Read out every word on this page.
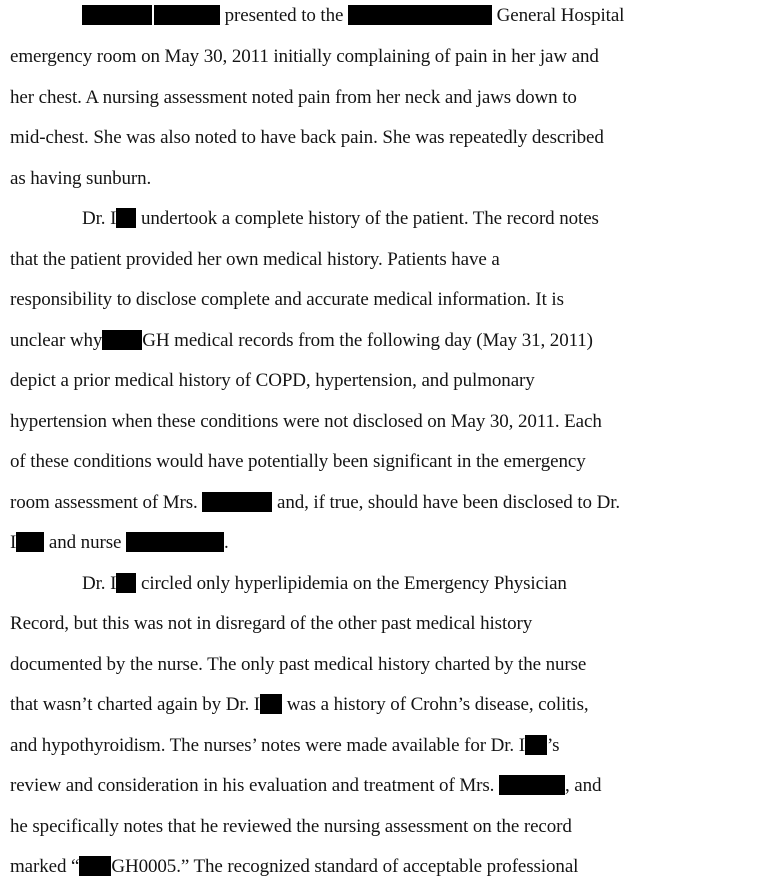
presented to the	General Hospital
emergency room on May 30, 2011 initially complaining of pain in her jaw and
her chest. A nursing assessment noted pain from her neck and jaws down to
mid-chest. She was also noted to have back pain. She was repeatedly described
as having sunburn.
Dr. I undertook a complete history of the patient. The record notes
that the patient provided her own medical history. Patients have a
responsibility to disclose complete and accurate medical information. It is
unclear why GH medical records from the following day (May 31, 2011)
depict a prior medical history of COPD, hypertension, and pulmonary
hypertension when these conditions were not disclosed on May 30, 2011. Each
of these conditions would have potentially been significant in the emergency
room assessment of Mrs.	and, if true, should have been disclosed to Dr.
I and nurse	.
Dr. I circled only hyperlipidemia on the Emergency Physician
Record, but this was not in disregard of the other past medical history
documented by the nurse. The only past medical history charted by the nurse
that wasn’t charted again by Dr. I was a history of Crohn’s disease, colitis,
and hypothyroidism. The nurses’ notes were made available for Dr. I ’s
review and consideration in his evaluation and treatment of Mrs.	, and
he specifically notes that he reviewed the nursing assessment on the record
marked “ GH0005.” The recognized standard of acceptable professional
